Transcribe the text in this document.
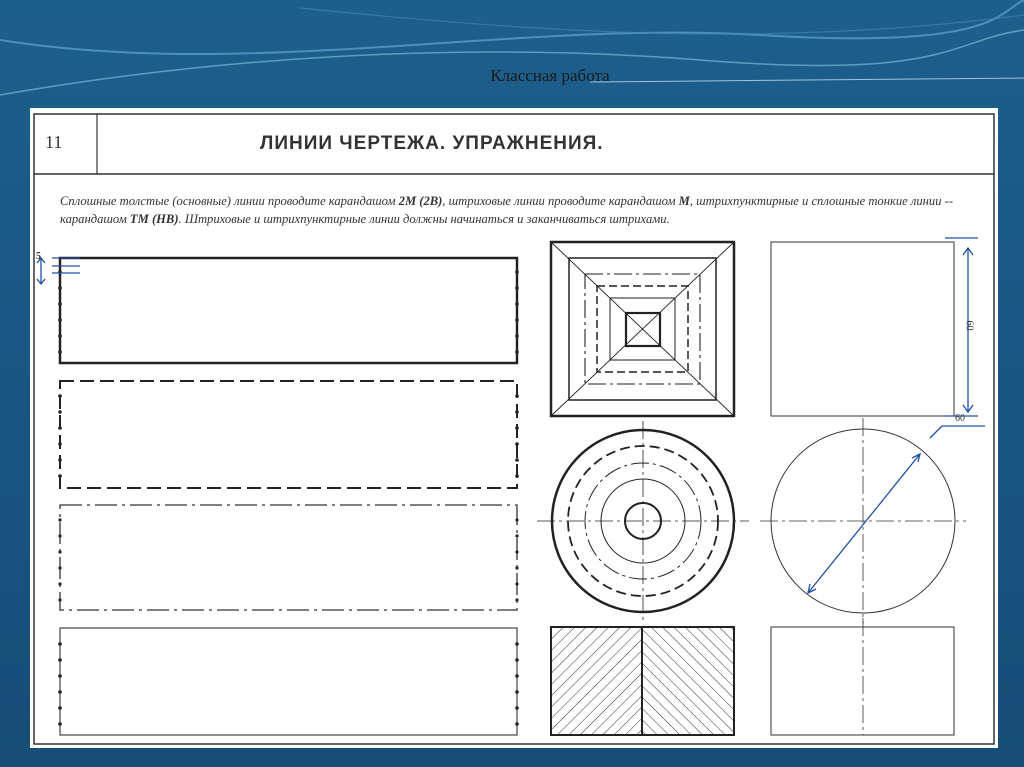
Классная работа
11	ЛИНИИ ЧЕРТЕЖА. УПРАЖНЕНИЯ.
Сплошные толстые (основные) линии проводите карандашом 2М (2В), штриховые линии проводите карандашом М, штрихпунктирные и сплошные тонкие линии -- карандашом ТМ (НВ). Штриховые и штрихпунктирные линии должны начинаться и заканчиваться штрихами.
5
60
60
